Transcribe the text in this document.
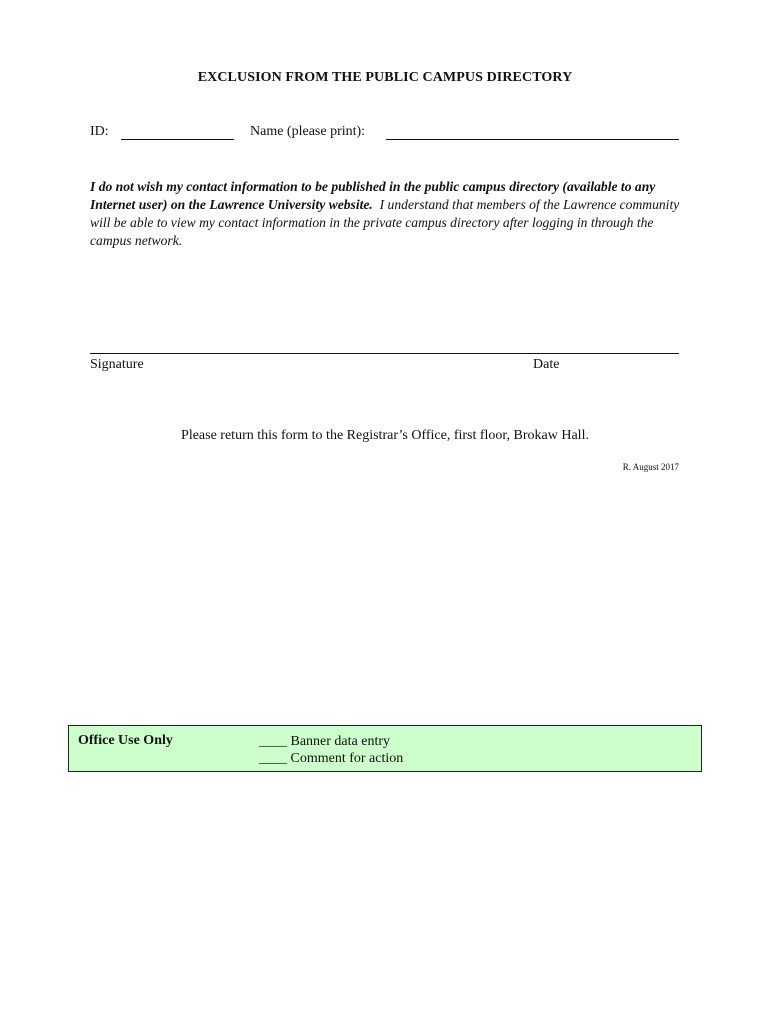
EXCLUSION FROM THE PUBLIC CAMPUS DIRECTORY
ID:	Name (please print):
I do not wish my contact information to be published in the public campus directory (available to any Internet user) on the Lawrence University website. I understand that members of the Lawrence community will be able to view my contact information in the private campus directory after logging in through the campus network.
Signature	Date
Please return this form to the Registrar’s Office, first floor, Brokaw Hall.
R. August 2017
Office Use Only	____ Banner data entry
____ Comment for action
